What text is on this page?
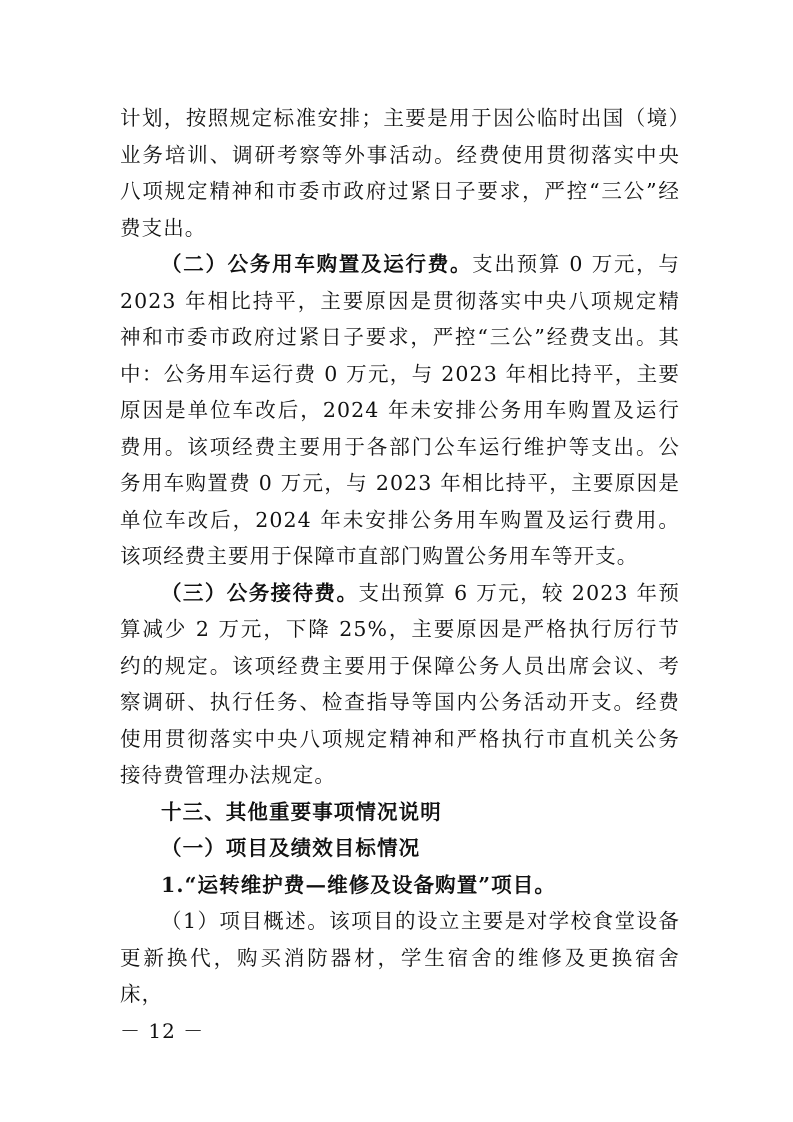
计划，按照规定标准安排；主要是用于因公临时出国（境）业务培训、调研考察等外事活动。经费使用贯彻落实中央八项规定精神和市委市政府过紧日子要求，严控“三公”经费支出。

（二）公务用车购置及运行费。支出预算 0 万元，与 2023 年相比持平，主要原因是贯彻落实中央八项规定精神和市委市政府过紧日子要求，严控“三公”经费支出。其中：公务用车运行费 0 万元，与 2023 年相比持平，主要原因是单位车改后，2024 年未安排公务用车购置及运行费用。该项经费主要用于各部门公车运行维护等支出。公务用车购置费 0 万元，与 2023 年相比持平，主要原因是单位车改后，2024 年未安排公务用车购置及运行费用。该项经费主要用于保障市直部门购置公务用车等开支。

（三）公务接待费。支出预算 6 万元，较 2023 年预算减少 2 万元，下降 25%，主要原因是严格执行厉行节约的规定。该项经费主要用于保障公务人员出席会议、考察调研、执行任务、检查指导等国内公务活动开支。经费使用贯彻落实中央八项规定精神和严格执行市直机关公务接待费管理办法规定。

十三、其他重要事项情况说明

（一）项目及绩效目标情况

1.“运转维护费—维修及设备购置”项目。

（1）项目概述。该项目的设立主要是对学校食堂设备更新换代，购买消防器材，学生宿舍的维修及更换宿舍床，

－ 12 －
